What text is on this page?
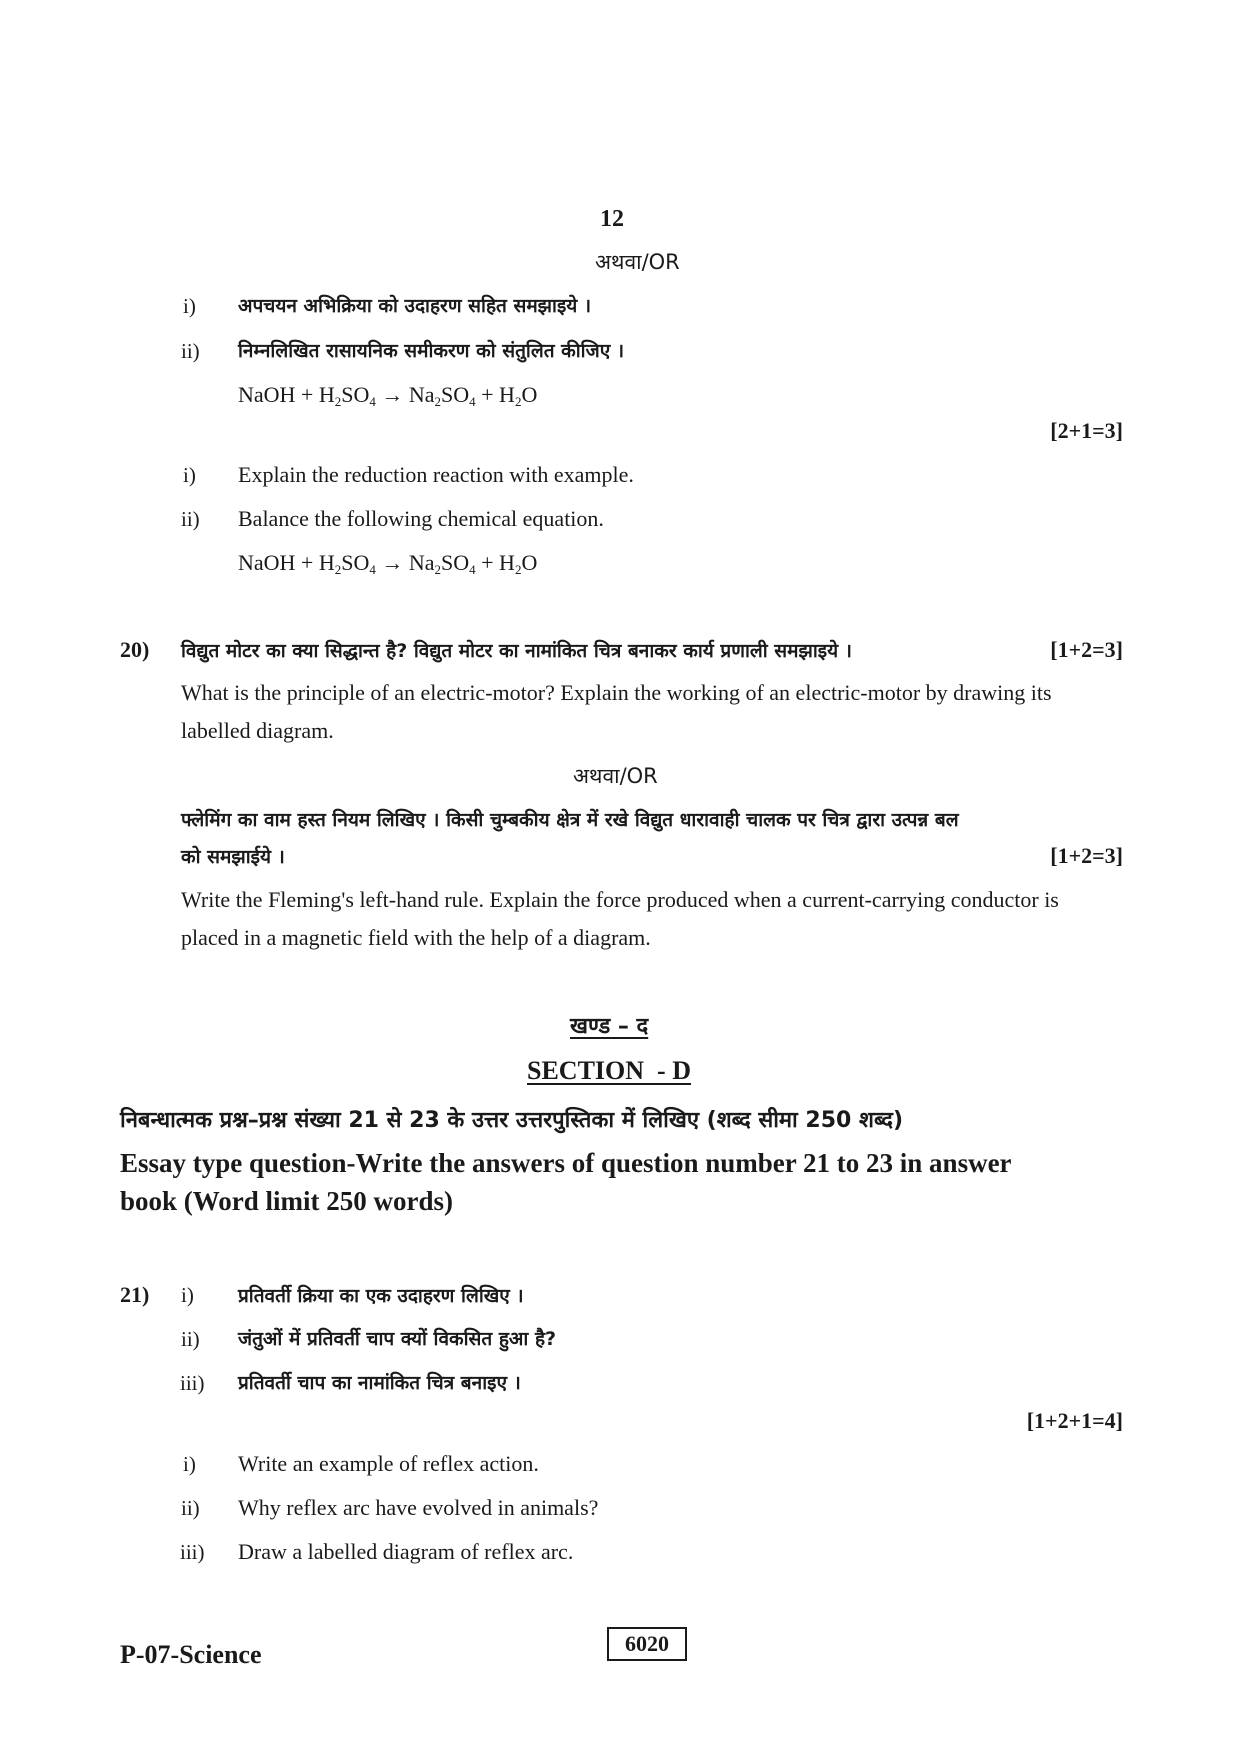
12
अथवा/OR
i) अपचयन अभिक्रिया को उदाहरण सहित समझाइये ।
ii) निम्नलिखित रासायनिक समीकरण को संतुलित कीजिए ।
NaOH + $H_2SO_4 \to Na_2SO_4 + H_2O$
[2+1=3]
i) Explain the reduction reaction with example.
ii) Balance the following chemical equation.
NaOH + $H_2SO_4 \to Na_2SO_4 + H_2O$
20) विद्युत मोटर का क्या सिद्धान्त है? विद्युत मोटर का नामांकित चित्र बनाकर कार्य प्रणाली समझाइये ।	[1+2=3]
What is the principle of an electric-motor? Explain the working of an electric-motor by drawing its
labelled diagram.
अथवा/OR
फ्लेमिंग का वाम हस्त नियम लिखिए । किसी चुम्बकीय क्षेत्र में रखे विद्युत धारावाही चालक पर चित्र द्वारा उत्पन्न बल
को समझाईये ।	[1+2=3]
Write the Fleming's left-hand rule. Explain the force produced when a current-carrying conductor is
placed in a magnetic field with the help of a diagram.
खण्ड – द
SECTION  - D
निबन्धात्मक प्रश्न–प्रश्न संख्या 21 से 23 के उत्तर उत्तरपुस्तिका में लिखिए (शब्द सीमा 250 शब्द)
Essay type question-Write the answers of question number 21 to 23 in answer
book (Word limit 250 words)
21) i) प्रतिवर्ती क्रिया का एक उदाहरण लिखिए ।
ii) जंतुओं में प्रतिवर्ती चाप क्यों विकसित हुआ है?
iii) प्रतिवर्ती चाप का नामांकित चित्र बनाइए ।
[1+2+1=4]
i) Write an example of reflex action.
ii) Why reflex arc have evolved in animals?
iii) Draw a labelled diagram of reflex arc.
P-07-Science	6020
